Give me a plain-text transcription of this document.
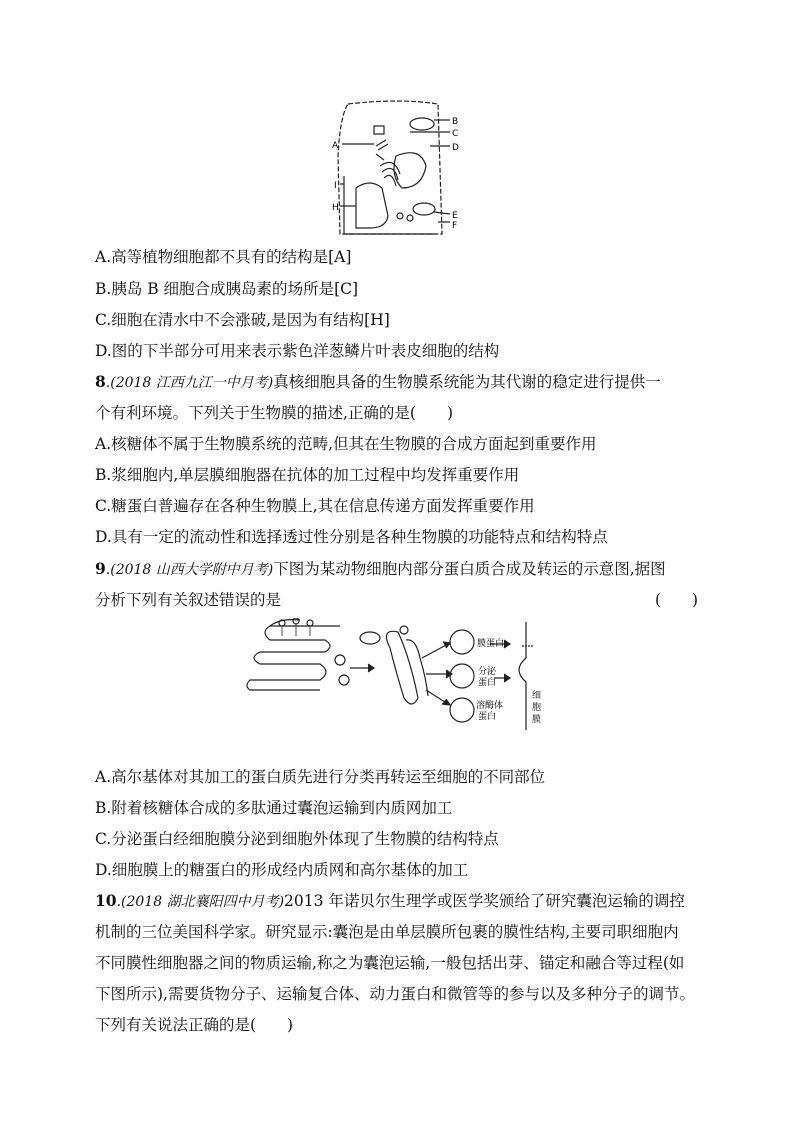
A
B
C
D
E
F
H
I
A.高等植物细胞都不具有的结构是[A]
B.胰岛 B 细胞合成胰岛素的场所是[C]
C.细胞在清水中不会涨破,是因为有结构[H]
D.图的下半部分可用来表示紫色洋葱鳞片叶表皮细胞的结构
8.(2018 江西九江一中月考)真核细胞具备的生物膜系统能为其代谢的稳定进行提供一
个有利环境。下列关于生物膜的描述,正确的是(　　)
A.核糖体不属于生物膜系统的范畴,但其在生物膜的合成方面起到重要作用
B.浆细胞内,单层膜细胞器在抗体的加工过程中均发挥重要作用
C.糖蛋白普遍存在各种生物膜上,其在信息传递方面发挥重要作用
D.具有一定的流动性和选择透过性分别是各种生物膜的功能特点和结构特点
9.(2018 山西大学附中月考)下图为某动物细胞内部分蛋白质合成及转运的示意图,据图
分析下列有关叙述错误的是	(　　)
膜蛋白
分泌
蛋白
溶酶体
蛋白
细
胞
膜
A.高尔基体对其加工的蛋白质先进行分类再转运至细胞的不同部位
B.附着核糖体合成的多肽通过囊泡运输到内质网加工
C.分泌蛋白经细胞膜分泌到细胞外体现了生物膜的结构特点
D.细胞膜上的糖蛋白的形成经内质网和高尔基体的加工
10.(2018 湖北襄阳四中月考)2013 年诺贝尔生理学或医学奖颁给了研究囊泡运输的调控
机制的三位美国科学家。研究显示:囊泡是由单层膜所包裹的膜性结构,主要司职细胞内
不同膜性细胞器之间的物质运输,称之为囊泡运输,一般包括出芽、锚定和融合等过程(如
下图所示),需要货物分子、运输复合体、动力蛋白和微管等的参与以及多种分子的调节。
下列有关说法正确的是(　　)
